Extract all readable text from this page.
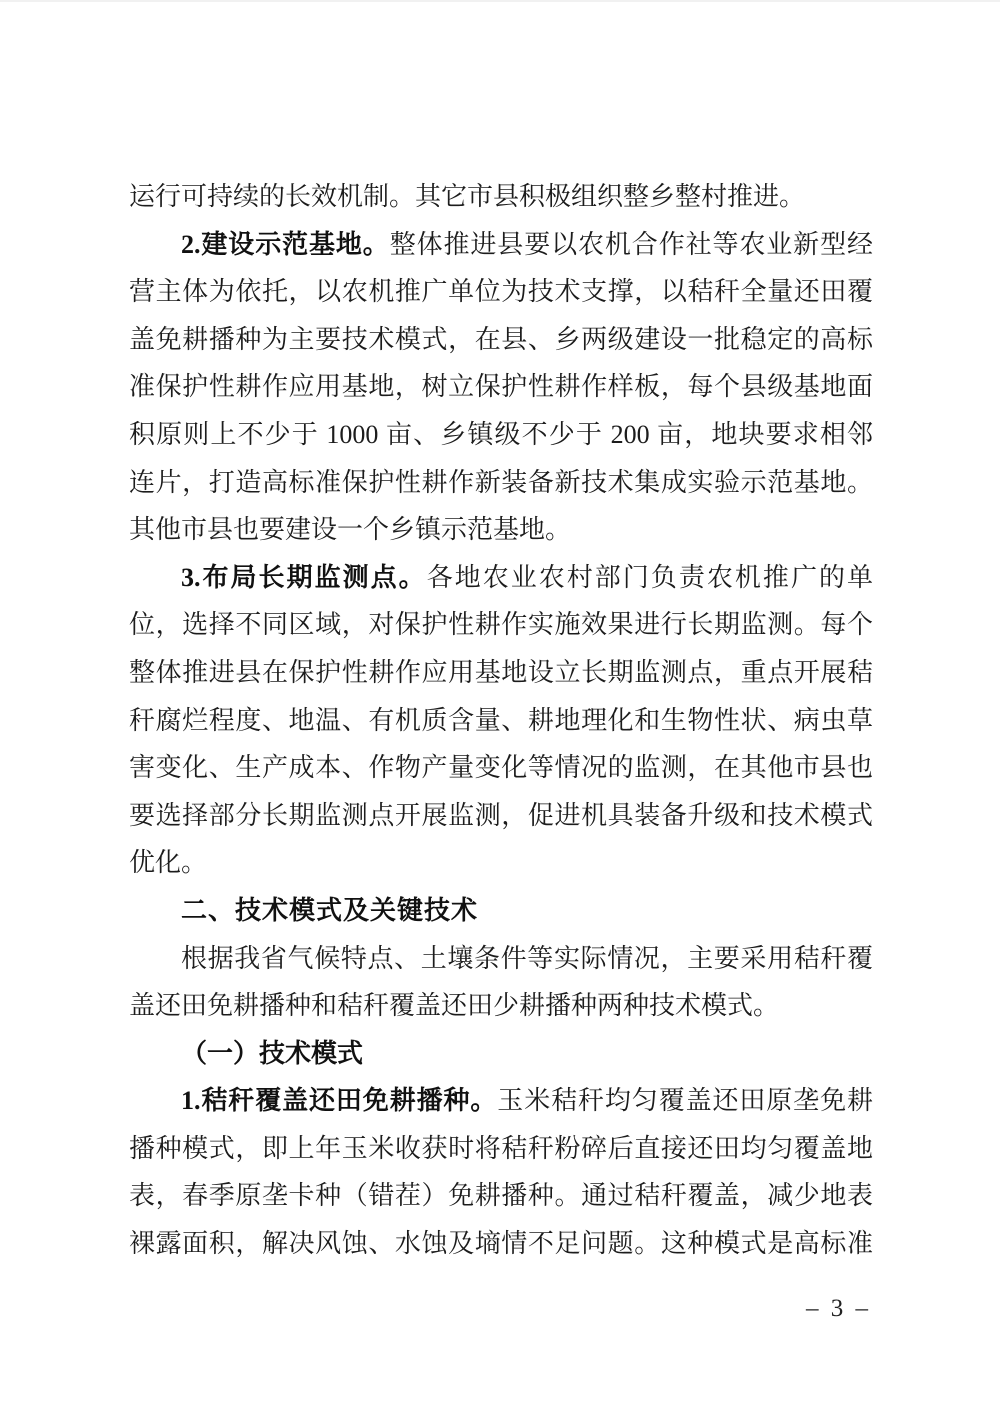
运行可持续的长效机制。其它市县积极组织整乡整村推进。
2.建设示范基地。整体推进县要以农机合作社等农业新型经
营主体为依托，以农机推广单位为技术支撑，以秸秆全量还田覆
盖免耕播种为主要技术模式，在县、乡两级建设一批稳定的高标
准保护性耕作应用基地，树立保护性耕作样板，每个县级基地面
积原则上不少于 1000 亩、乡镇级不少于 200 亩，地块要求相邻
连片，打造高标准保护性耕作新装备新技术集成实验示范基地。
其他市县也要建设一个乡镇示范基地。
3.布局长期监测点。各地农业农村部门负责农机推广的单
位，选择不同区域，对保护性耕作实施效果进行长期监测。每个
整体推进县在保护性耕作应用基地设立长期监测点，重点开展秸
秆腐烂程度、地温、有机质含量、耕地理化和生物性状、病虫草
害变化、生产成本、作物产量变化等情况的监测，在其他市县也
要选择部分长期监测点开展监测，促进机具装备升级和技术模式
优化。
二、技术模式及关键技术
根据我省气候特点、土壤条件等实际情况，主要采用秸秆覆
盖还田免耕播种和秸秆覆盖还田少耕播种两种技术模式。
（一）技术模式
1.秸秆覆盖还田免耕播种。玉米秸秆均匀覆盖还田原垄免耕
播种模式，即上年玉米收获时将秸秆粉碎后直接还田均匀覆盖地
表，春季原垄卡种（错茬）免耕播种。通过秸秆覆盖，减少地表
裸露面积，解决风蚀、水蚀及墒情不足问题。这种模式是高标准
– 3 –
